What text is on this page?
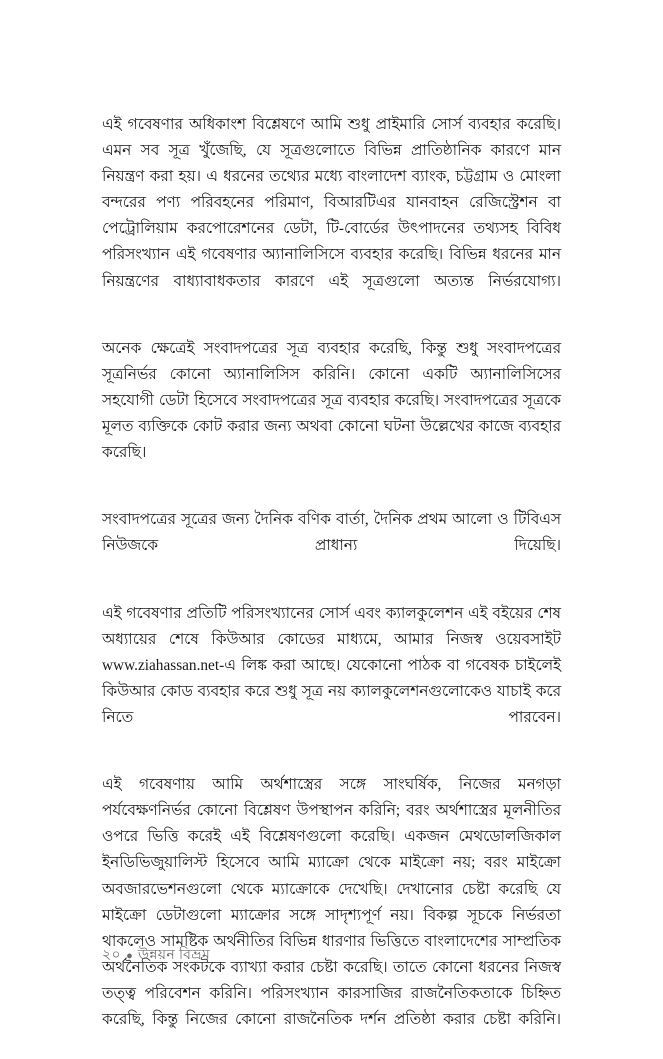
এই গবেষণার অধিকাংশ বিশ্লেষণে আমি শুধু প্রাইমারি সোর্স ব্যবহার করেছি। এমন সব সূত্র খুঁজেছি, যে সূত্রগুলোতে বিভিন্ন প্রাতিষ্ঠানিক কারণে মান নিয়ন্ত্রণ করা হয়। এ ধরনের তথ্যের মধ্যে বাংলাদেশ ব্যাংক, চট্টগ্রাম ও মোংলা বন্দরের পণ্য পরিবহনের পরিমাণ, বিআরটিএর যানবাহন রেজিস্ট্রেশন বা পেট্রোলিয়াম করপোরেশনের ডেটা, টি-বোর্ডের উৎপাদনের তথ্যসহ বিবিধ পরিসংখ্যান এই গবেষণার অ্যানালিসিসে ব্যবহার করেছি। বিভিন্ন ধরনের মান নিয়ন্ত্রণের বাধ্যাবাধকতার কারণে এই সূত্রগুলো অত্যন্ত নির্ভরযোগ্য।

অনেক ক্ষেত্রেই সংবাদপত্রের সূত্র ব্যবহার করেছি, কিন্তু শুধু সংবাদপত্রের সূত্রনির্ভর কোনো অ্যানালিসিস করিনি। কোনো একটি অ্যানালিসিসের সহযোগী ডেটা হিসেবে সংবাদপত্রের সূত্র ব্যবহার করেছি। সংবাদপত্রের সূত্রকে মূলত ব্যক্তিকে কোট করার জন্য অথবা কোনো ঘটনা উল্লেখের কাজে ব্যবহার করেছি।

সংবাদপত্রের সূত্রের জন্য দৈনিক বণিক বার্তা, দৈনিক প্রথম আলো ও টিবিএস নিউজকে প্রাধান্য দিয়েছি।

এই গবেষণার প্রতিটি পরিসংখ্যানের সোর্স এবং ক্যালকুলেশন এই বইয়ের শেষ অধ্যায়ের শেষে কিউআর কোডের মাধ্যমে, আমার নিজস্ব ওয়েবসাইট www.ziahassan.net-এ লিঙ্ক করা আছে। যেকোনো পাঠক বা গবেষক চাইলেই কিউআর কোড ব্যবহার করে শুধু সূত্র নয় ক্যালকুলেশনগুলোকেও যাচাই করে নিতে পারবেন।

এই গবেষণায় আমি অর্থশাস্ত্রের সঙ্গে সাংঘর্ষিক, নিজের মনগড়া পর্যবেক্ষণনির্ভর কোনো বিশ্লেষণ উপস্থাপন করিনি; বরং অর্থশাস্ত্রের মূলনীতির ওপরে ভিত্তি করেই এই বিশ্লেষণগুলো করেছি। একজন মেথডোলজিকাল ইনডিভিজুয়ালিস্ট হিসেবে আমি ম্যাক্রো থেকে মাইক্রো নয়; বরং মাইক্রো অবজারভেশনগুলো থেকে ম্যাক্রোকে দেখেছি। দেখানোর চেষ্টা করেছি যে মাইক্রো ডেটাগুলো ম্যাক্রোর সঙ্গে সাদৃশ্যপূর্ণ নয়। বিকল্প সূচকে নির্ভরতা থাকলেও সামষ্টিক অর্থনীতির বিভিন্ন ধারণার ভিত্তিতে বাংলাদেশের সাম্প্রতিক অর্থনৈতিক সংকটকে ব্যাখ্যা করার চেষ্টা করেছি। তাতে কোনো ধরনের নিজস্ব তত্ত্ব পরিবেশন করিনি। পরিসংখ্যান কারসাজির রাজনৈতিকতাকে চিহ্নিত করেছি, কিন্তু নিজের কোনো রাজনৈতিক দর্শন প্রতিষ্ঠা করার চেষ্টা করিনি।

২০ ● উন্নয়ন বিভ্রম
